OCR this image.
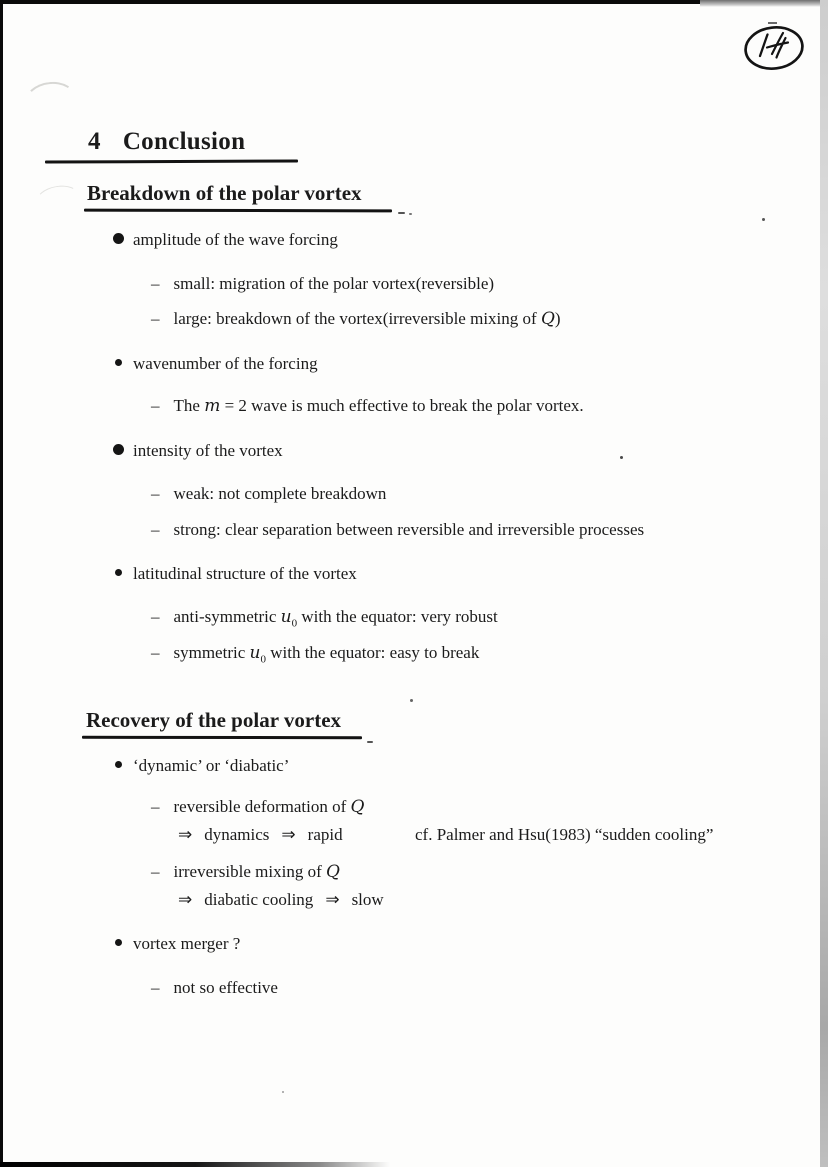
4 Conclusion
Breakdown of the polar vortex
amplitude of the wave forcing
– small: migration of the polar vortex(reversible)
– large: breakdown of the vortex(irreversible mixing of Q)
wavenumber of the forcing
– The m = 2 wave is much effective to break the polar vortex.
intensity of the vortex
– weak: not complete breakdown
– strong: clear separation between reversible and irreversible processes
latitudinal structure of the vortex
– anti-symmetric $u_0$ with the equator: very robust
– symmetric $u_0$ with the equator: easy to break
Recovery of the polar vortex
‘dynamic’ or ‘diabatic’
– reversible deformation of Q
⇒ dynamics ⇒ rapid	cf. Palmer and Hsu(1983) “sudden cooling”
– irreversible mixing of Q
⇒ diabatic cooling ⇒ slow
vortex merger ?
– not so effective
